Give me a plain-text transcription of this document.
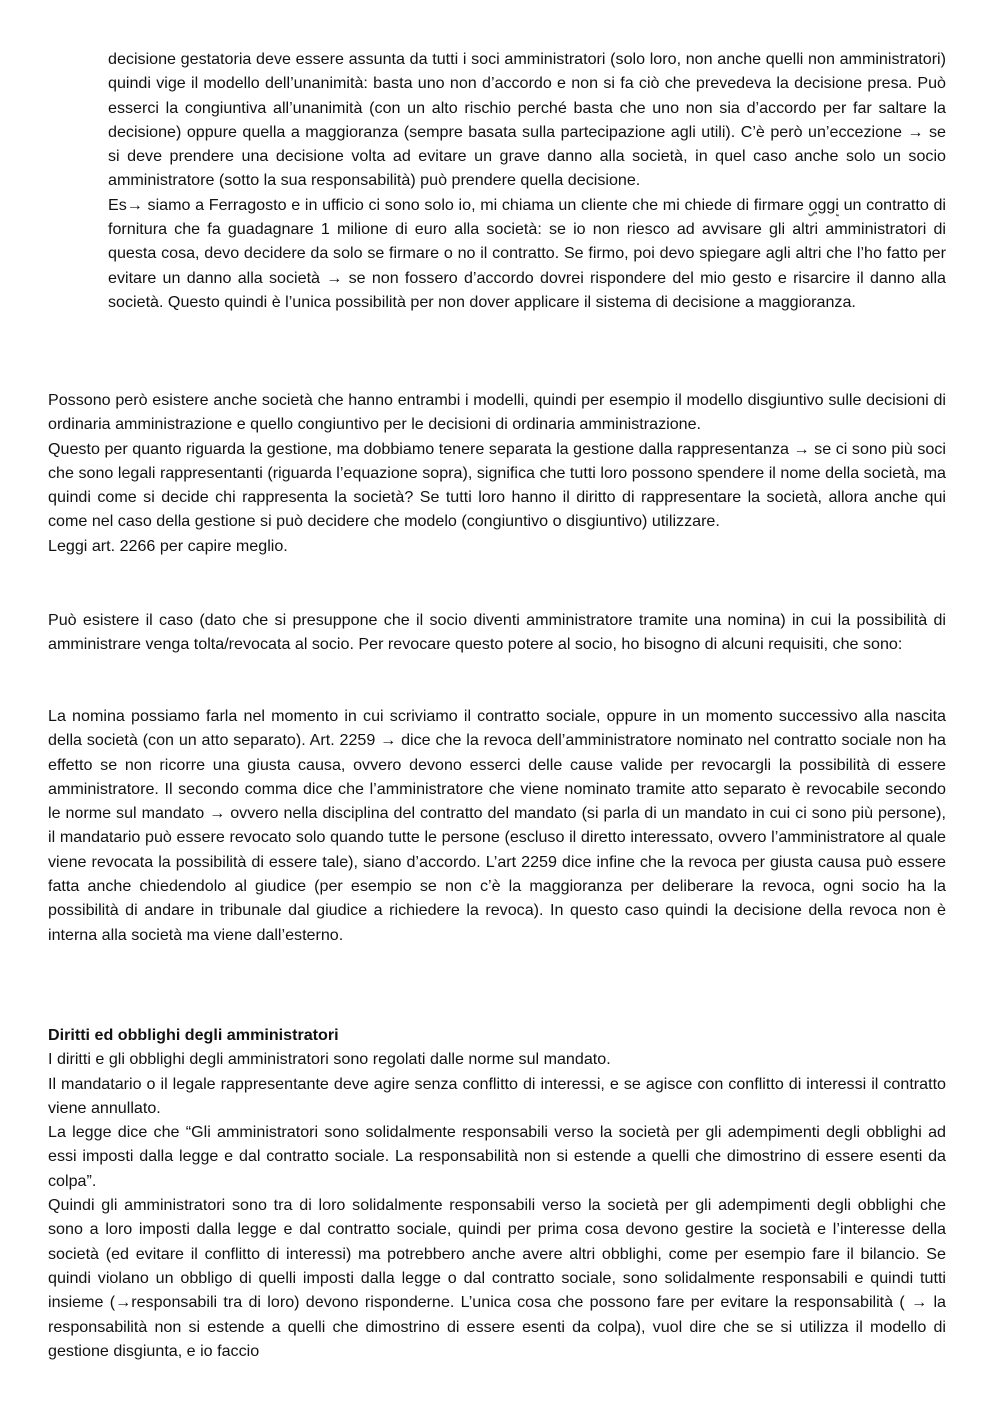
decisione gestatoria deve essere assunta da tutti i soci amministratori (solo loro, non anche quelli non amministratori) quindi vige il modello dell’unanimità: basta uno non d’accordo e non si fa ciò che prevedeva la decisione presa. Può esserci la congiuntiva all’unanimità (con un alto rischio perché basta che uno non sia d’accordo per far saltare la decisione) oppure quella a maggioranza (sempre basata sulla partecipazione agli utili). C’è però un’eccezione → se si deve prendere una decisione volta ad evitare un grave danno alla società, in quel caso anche solo un socio amministratore (sotto la sua responsabilità) può prendere quella decisione.

Es→ siamo a Ferragosto e in ufficio ci sono solo io, mi chiama un cliente che mi chiede di firmare oggi un contratto di fornitura che fa guadagnare 1 milione di euro alla società: se io non riesco ad avvisare gli altri amministratori di questa cosa, devo decidere da solo se firmare o no il contratto. Se firmo, poi devo spiegare agli altri che l’ho fatto per evitare un danno alla società → se non fossero d’accordo dovrei rispondere del mio gesto e risarcire il danno alla società. Questo quindi è l’unica possibilità per non dover applicare il sistema di decisione a maggioranza.

Possono però esistere anche società che hanno entrambi i modelli, quindi per esempio il modello disgiuntivo sulle decisioni di ordinaria amministrazione e quello congiuntivo per le decisioni di ordinaria amministrazione.

Questo per quanto riguarda la gestione, ma dobbiamo tenere separata la gestione dalla rappresentanza → se ci sono più soci che sono legali rappresentanti (riguarda l’equazione sopra), significa che tutti loro possono spendere il nome della società, ma quindi come si decide chi rappresenta la società? Se tutti loro hanno il diritto di rappresentare la società, allora anche qui come nel caso della gestione si può decidere che modelo (congiuntivo o disgiuntivo) utilizzare.

Leggi art. 2266 per capire meglio.

Può esistere il caso (dato che si presuppone che il socio diventi amministratore tramite una nomina) in cui la possibilità di amministrare venga tolta/revocata al socio. Per revocare questo potere al socio, ho bisogno di alcuni requisiti, che sono:

La nomina possiamo farla nel momento in cui scriviamo il contratto sociale, oppure in un momento successivo alla nascita della società (con un atto separato). Art. 2259 → dice che la revoca dell’amministratore nominato nel contratto sociale non ha effetto se non ricorre una giusta causa, ovvero devono esserci delle cause valide per revocargli la possibilità di essere amministratore. Il secondo comma dice che l’amministratore che viene nominato tramite atto separato è revocabile secondo le norme sul mandato → ovvero nella disciplina del contratto del mandato (si parla di un mandato in cui ci sono più persone), il mandatario può essere revocato solo quando tutte le persone (escluso il diretto interessato, ovvero l’amministratore al quale viene revocata la possibilità di essere tale), siano d’accordo. L’art 2259 dice infine che la revoca per giusta causa può essere fatta anche chiedendolo al giudice (per esempio se non c’è la maggioranza per deliberare la revoca, ogni socio ha la possibilità di andare in tribunale dal giudice a richiedere la revoca). In questo caso quindi la decisione della revoca non è interna alla società ma viene dall’esterno.

Diritti ed obblighi degli amministratori

I diritti e gli obblighi degli amministratori sono regolati dalle norme sul mandato.

Il mandatario o il legale rappresentante deve agire senza conflitto di interessi, e se agisce con conflitto di interessi il contratto viene annullato.

La legge dice che “Gli amministratori sono solidalmente responsabili verso la società per gli adempimenti degli obblighi ad essi imposti dalla legge e dal contratto sociale. La responsabilità non si estende a quelli che dimostrino di essere esenti da colpa”.

Quindi gli amministratori sono tra di loro solidalmente responsabili verso la società per gli adempimenti degli obblighi che sono a loro imposti dalla legge e dal contratto sociale, quindi per prima cosa devono gestire la società e l’interesse della società (ed evitare il conflitto di interessi) ma potrebbero anche avere altri obblighi, come per esempio fare il bilancio. Se quindi violano un obbligo di quelli imposti dalla legge o dal contratto sociale, sono solidalmente responsabili e quindi tutti insieme (→responsabili tra di loro) devono risponderne. L’unica cosa che possono fare per evitare la responsabilità ( → la responsabilità non si estende a quelli che dimostrino di essere esenti da colpa), vuol dire che se si utilizza il modello di gestione disgiunta, e io faccio
